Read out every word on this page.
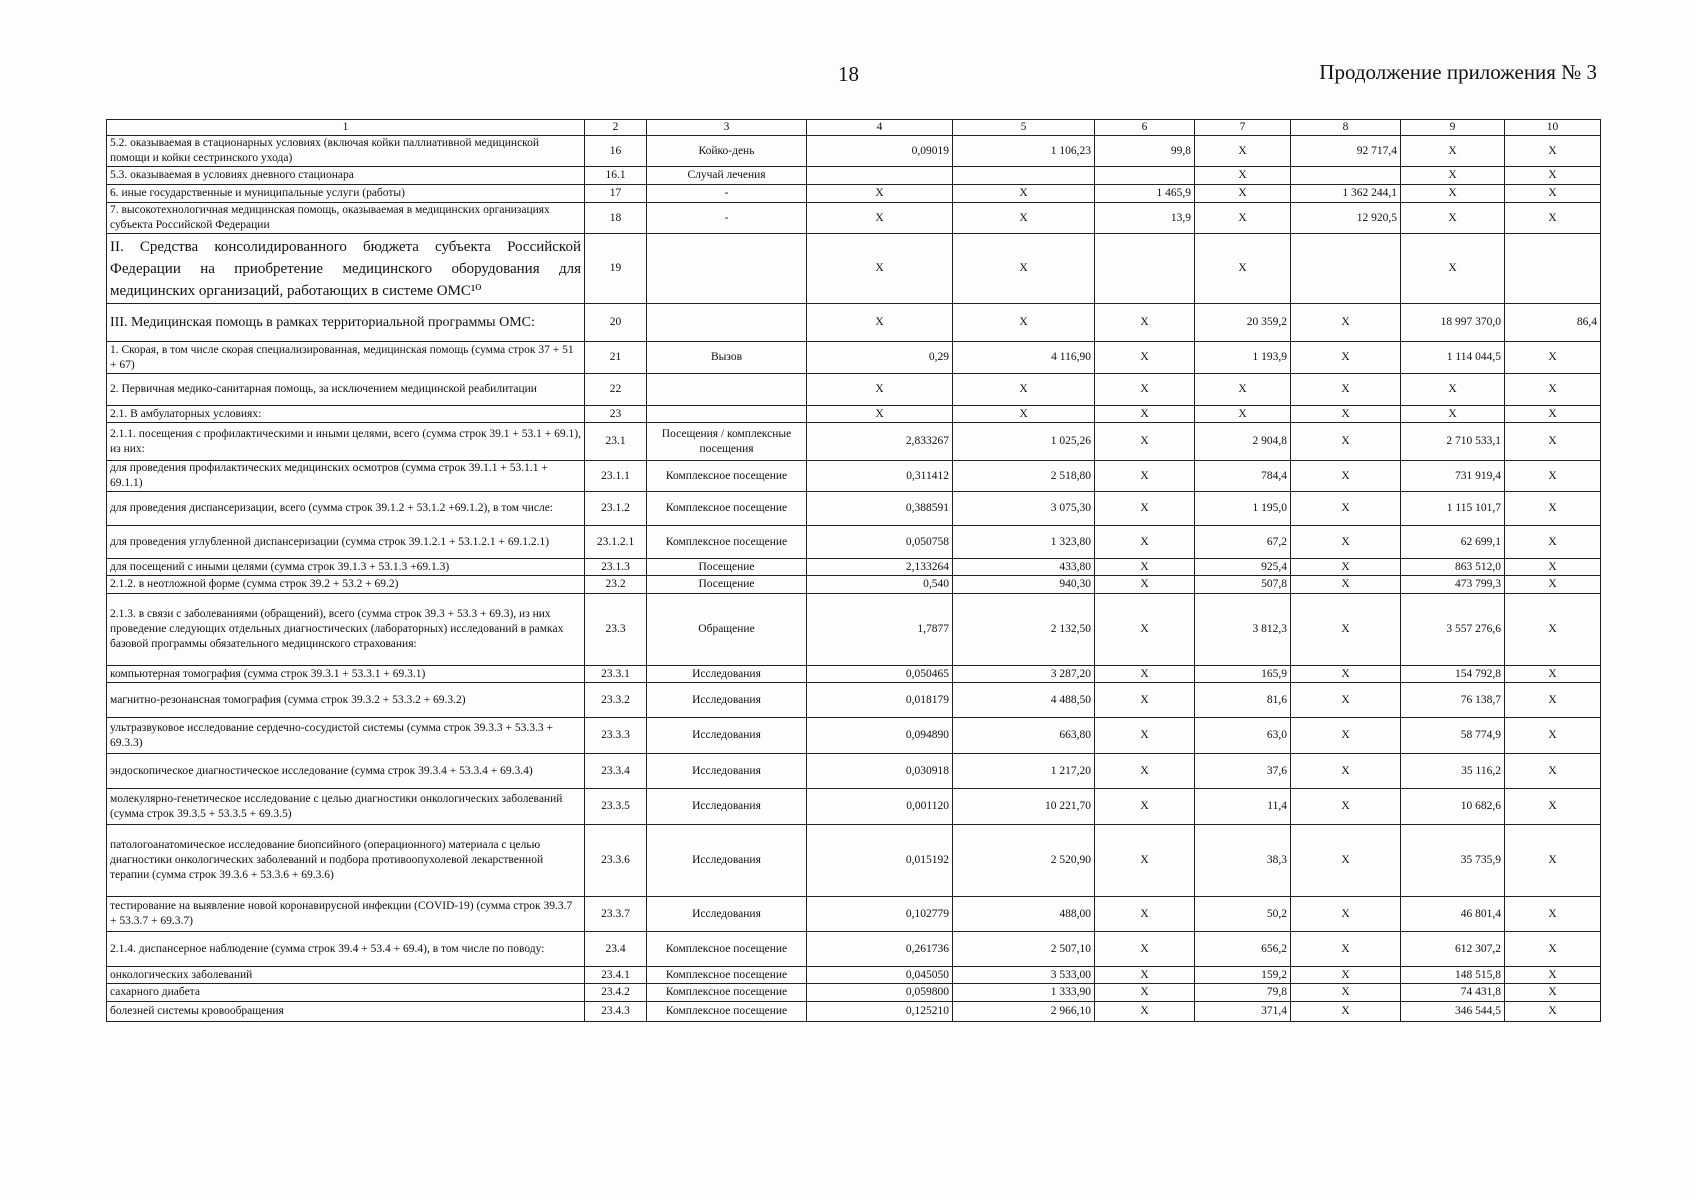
18	Продолжение приложения № 3
1	2	3	4	5	6	7	8	9	10
5.2. оказываемая в стационарных условиях (включая койки паллиативной медицинской помощи и койки сестринского ухода)	16	Койко-день	0,09019	1 106,23	99,8	Х	92 717,4	Х	Х
5.3. оказываемая в условиях дневного стационара	16.1	Случай лечения				Х		Х	Х
6. иные государственные и муниципальные услуги (работы)	17	-	Х	Х	1 465,9	Х	1 362 244,1	Х	Х
7. высокотехнологичная медицинская помощь, оказываемая в медицинских организациях субъекта Российской Федерации	18	-	Х	Х	13,9	Х	12 920,5	Х	Х
II. Средства консолидированного бюджета субъекта Российской Федерации на приобретение медицинского оборудования для медицинских организаций, работающих в системе ОМС¹⁰	19		Х	Х		Х		Х	
III. Медицинская помощь в рамках территориальной программы ОМС:	20		Х	Х	Х	20 359,2	Х	18 997 370,0	86,4
1. Скорая, в том числе скорая специализированная, медицинская помощь (сумма строк 37 + 51 + 67)	21	Вызов	0,29	4 116,90	Х	1 193,9	Х	1 114 044,5	Х
2. Первичная медико-санитарная помощь, за исключением медицинской реабилитации	22		Х	Х	Х	Х	Х	Х	Х
2.1. В амбулаторных условиях:	23		Х	Х	Х	Х	Х	Х	Х
2.1.1. посещения с профилактическими и иными целями, всего (сумма строк 39.1 + 53.1 + 69.1), из них:	23.1	Посещения / комплексные посещения	2,833267	1 025,26	Х	2 904,8	Х	2 710 533,1	Х
для проведения профилактических медицинских осмотров (сумма строк 39.1.1 + 53.1.1 + 69.1.1)	23.1.1	Комплексное посещение	0,311412	2 518,80	Х	784,4	Х	731 919,4	Х
для проведения диспансеризации, всего (сумма строк 39.1.2 + 53.1.2 +69.1.2), в том числе:	23.1.2	Комплексное посещение	0,388591	3 075,30	Х	1 195,0	Х	1 115 101,7	Х
для проведения углубленной диспансеризации (сумма строк 39.1.2.1 + 53.1.2.1 + 69.1.2.1)	23.1.2.1	Комплексное посещение	0,050758	1 323,80	Х	67,2	Х	62 699,1	Х
для посещений с иными целями (сумма строк 39.1.3 + 53.1.3 +69.1.3)	23.1.3	Посещение	2,133264	433,80	Х	925,4	Х	863 512,0	Х
2.1.2. в неотложной форме (сумма строк 39.2 + 53.2 + 69.2)	23.2	Посещение	0,540	940,30	Х	507,8	Х	473 799,3	Х
2.1.3. в связи с заболеваниями (обращений), всего (сумма строк 39.3 + 53.3 + 69.3), из них проведение следующих отдельных диагностических (лабораторных) исследований в рамках базовой программы обязательного медицинского страхования:	23.3	Обращение	1,7877	2 132,50	Х	3 812,3	Х	3 557 276,6	Х
компьютерная томография (сумма строк 39.3.1 + 53.3.1 + 69.3.1)	23.3.1	Исследования	0,050465	3 287,20	Х	165,9	Х	154 792,8	Х
магнитно-резонансная томография (сумма строк 39.3.2 + 53.3.2 + 69.3.2)	23.3.2	Исследования	0,018179	4 488,50	Х	81,6	Х	76 138,7	Х
ультразвуковое исследование сердечно-сосудистой системы (сумма строк 39.3.3 + 53.3.3 + 69.3.3)	23.3.3	Исследования	0,094890	663,80	Х	63,0	Х	58 774,9	Х
эндоскопическое диагностическое исследование (сумма строк 39.3.4 + 53.3.4 + 69.3.4)	23.3.4	Исследования	0,030918	1 217,20	Х	37,6	Х	35 116,2	Х
молекулярно-генетическое исследование с целью диагностики онкологических заболеваний (сумма строк 39.3.5 + 53.3.5 + 69.3.5)	23.3.5	Исследования	0,001120	10 221,70	Х	11,4	Х	10 682,6	Х
патологоанатомическое исследование биопсийного (операционного) материала с целью диагностики онкологических заболеваний и подбора противоопухолевой лекарственной терапии (сумма строк 39.3.6 + 53.3.6 + 69.3.6)	23.3.6	Исследования	0,015192	2 520,90	Х	38,3	Х	35 735,9	Х
тестирование на выявление новой коронавирусной инфекции (COVID-19) (сумма строк 39.3.7 + 53.3.7 + 69.3.7)	23.3.7	Исследования	0,102779	488,00	Х	50,2	Х	46 801,4	Х
2.1.4. диспансерное наблюдение (сумма строк 39.4 + 53.4 + 69.4), в том числе по поводу:	23.4	Комплексное посещение	0,261736	2 507,10	Х	656,2	Х	612 307,2	Х
онкологических заболеваний	23.4.1	Комплексное посещение	0,045050	3 533,00	Х	159,2	Х	148 515,8	Х
сахарного диабета	23.4.2	Комплексное посещение	0,059800	1 333,90	Х	79,8	Х	74 431,8	Х
болезней системы кровообращения	23.4.3	Комплексное посещение	0,125210	2 966,10	Х	371,4	Х	346 544,5	Х
